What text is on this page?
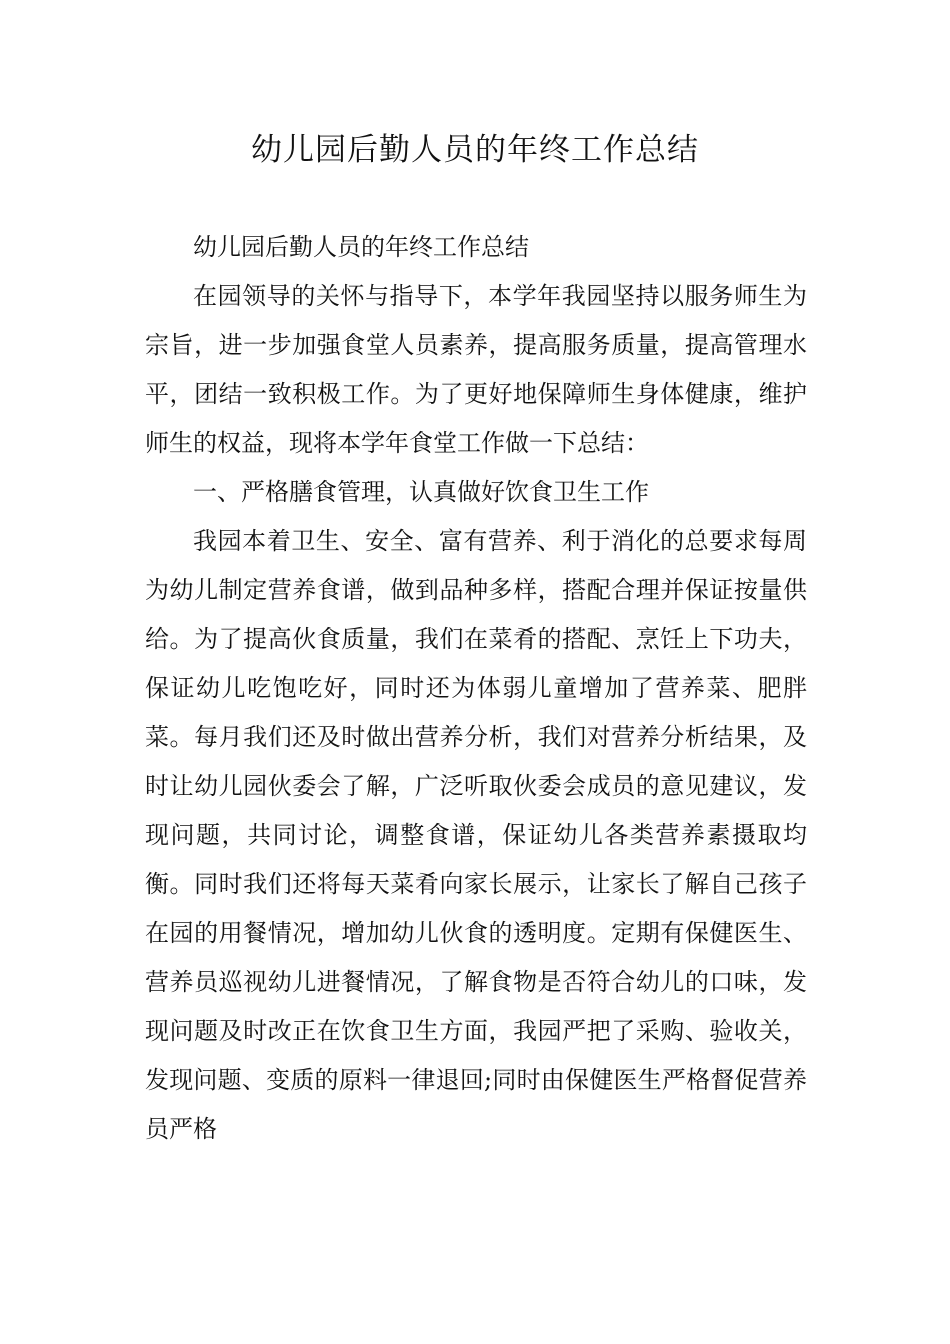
幼儿园后勤人员的年终工作总结

幼儿园后勤人员的年终工作总结

在园领导的关怀与指导下，本学年我园坚持以服务师生为宗旨，进一步加强食堂人员素养，提高服务质量，提高管理水平，团结一致积极工作。为了更好地保障师生身体健康，维护师生的权益，现将本学年食堂工作做一下总结：

一、严格膳食管理，认真做好饮食卫生工作

我园本着卫生、安全、富有营养、利于消化的总要求每周为幼儿制定营养食谱，做到品种多样，搭配合理并保证按量供给。为了提高伙食质量，我们在菜肴的搭配、烹饪上下功夫，保证幼儿吃饱吃好，同时还为体弱儿童增加了营养菜、肥胖菜。每月我们还及时做出营养分析，我们对营养分析结果，及时让幼儿园伙委会了解，广泛听取伙委会成员的意见建议，发现问题，共同讨论，调整食谱，保证幼儿各类营养素摄取均衡。同时我们还将每天菜肴向家长展示，让家长了解自己孩子在园的用餐情况，增加幼儿伙食的透明度。定期有保健医生、营养员巡视幼儿进餐情况，了解食物是否符合幼儿的口味，发现问题及时改正在饮食卫生方面，我园严把了采购、验收关，发现问题、变质的原料一律退回;同时由保健医生严格督促营养员严格
